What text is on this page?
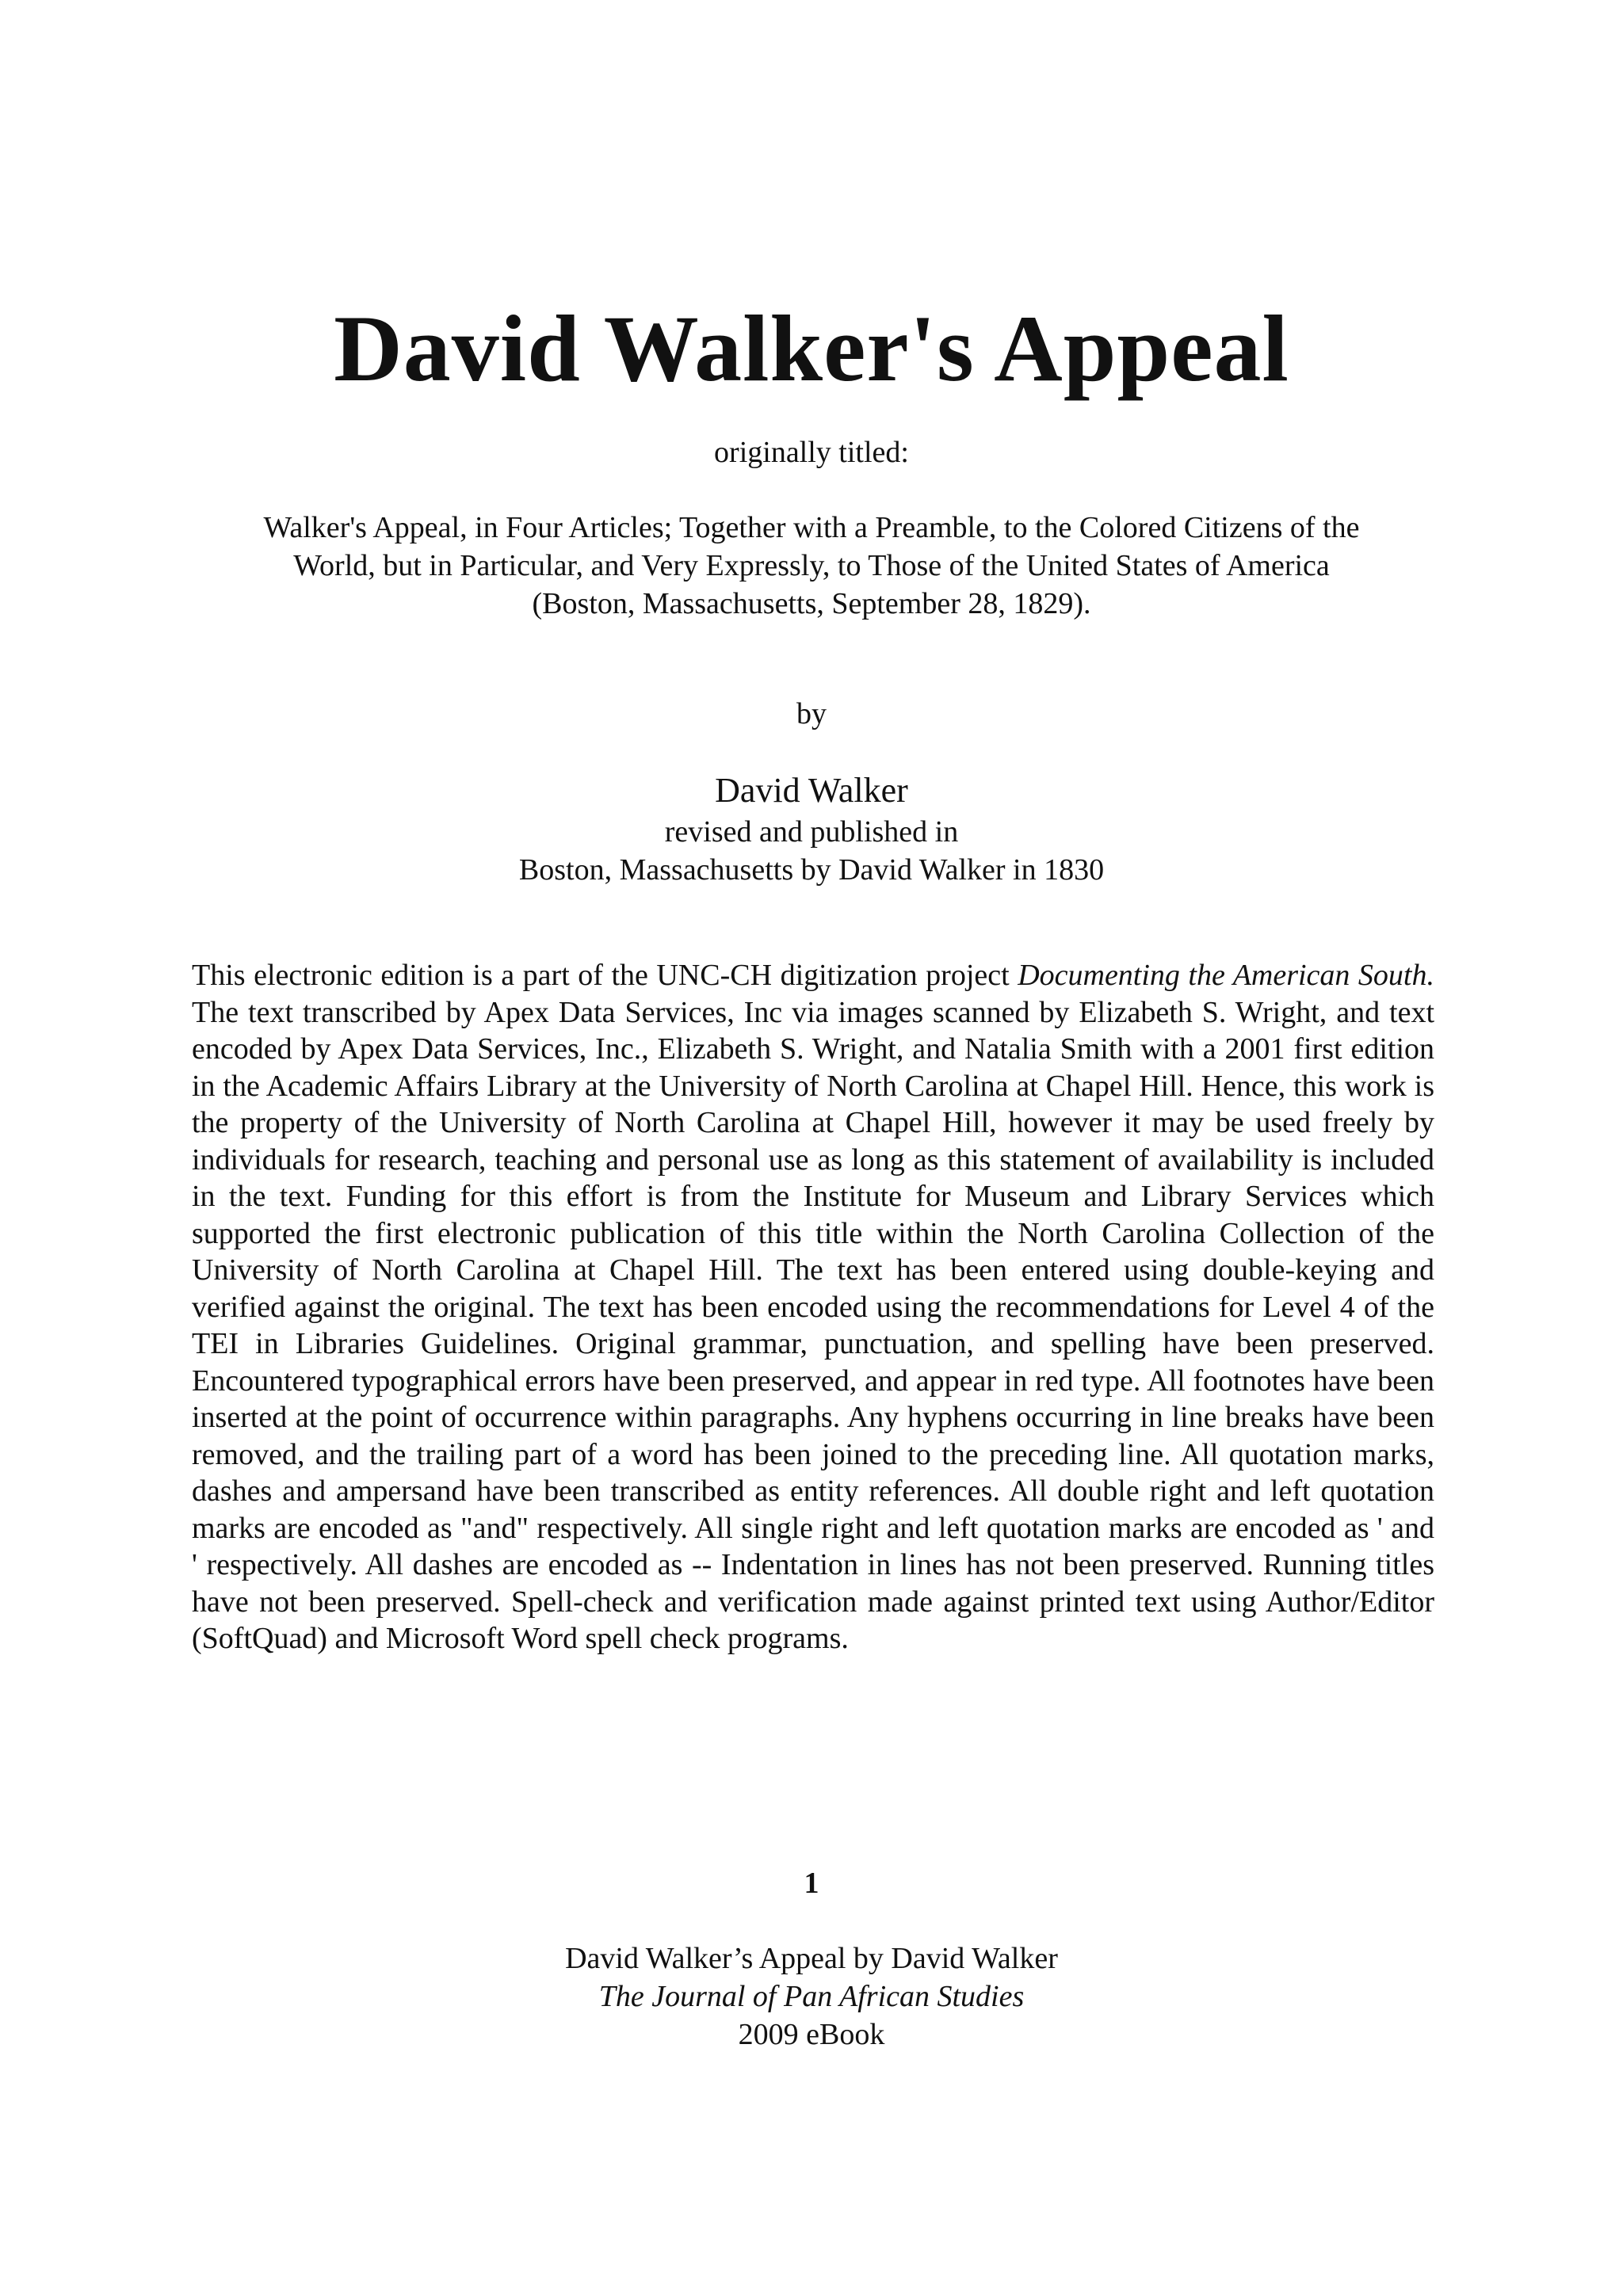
David Walker's Appeal
originally titled:
Walker's Appeal, in Four Articles; Together with a Preamble, to the Colored Citizens of the
World, but in Particular, and Very Expressly, to Those of the United States of America
(Boston, Massachusetts, September 28, 1829).
by
David Walker
revised and published in
Boston, Massachusetts by David Walker in 1830

This electronic edition is a part of the UNC-CH digitization project Documenting the American South. The text transcribed by Apex Data Services, Inc via images scanned by Elizabeth S. Wright, and text encoded by Apex Data Services, Inc., Elizabeth S. Wright, and Natalia Smith with a 2001 first edition in the Academic Affairs Library at the University of North Carolina at Chapel Hill. Hence, this work is the property of the University of North Carolina at Chapel Hill, however it may be used freely by individuals for research, teaching and personal use as long as this statement of availability is included in the text. Funding for this effort is from the Institute for Museum and Library Services which supported the first electronic publication of this title within the North Carolina Collection of the University of North Carolina at Chapel Hill. The text has been entered using double-keying and verified against the original. The text has been encoded using the recommendations for Level 4 of the TEI in Libraries Guidelines. Original grammar, punctuation, and spelling have been preserved. Encountered typographical errors have been preserved, and appear in red type. All footnotes have been inserted at the point of occurrence within paragraphs. Any hyphens occurring in line breaks have been removed, and the trailing part of a word has been joined to the preceding line. All quotation marks, dashes and ampersand have been transcribed as entity references. All double right and left quotation marks are encoded as "and" respectively. All single right and left quotation marks are encoded as ' and ' respectively. All dashes are encoded as -- Indentation in lines has not been preserved. Running titles have not been preserved. Spell-check and verification made against printed text using Author/Editor (SoftQuad) and Microsoft Word spell check programs.

1
David Walker’s Appeal by David Walker
The Journal of Pan African Studies
2009 eBook
